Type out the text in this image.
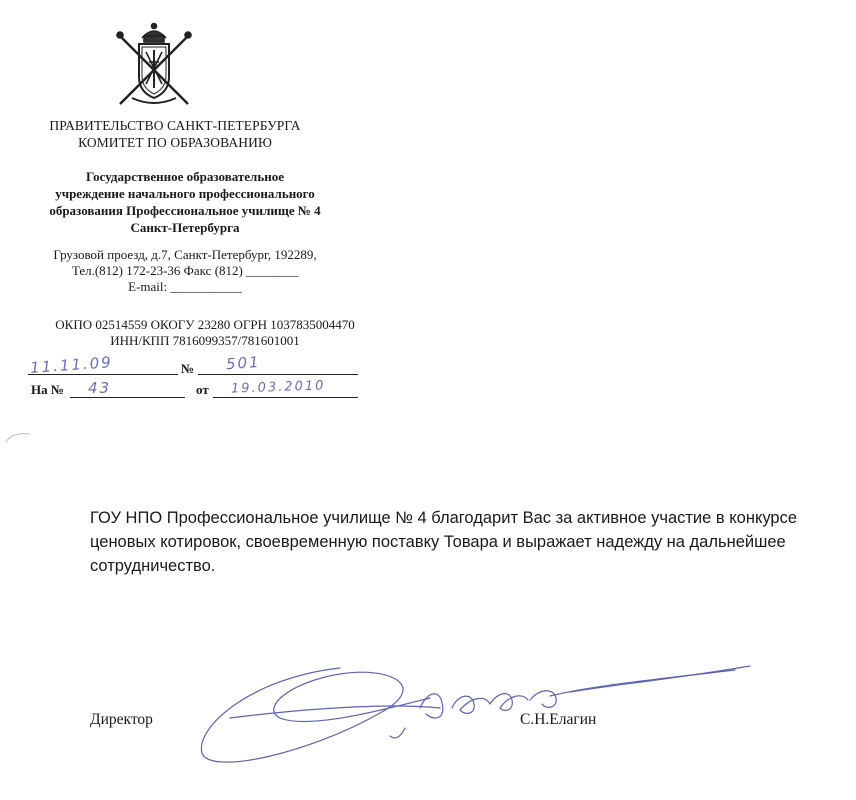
ПРАВИТЕЛЬСТВО САНКТ-ПЕТЕРБУРГА
КОМИТЕТ ПО ОБРАЗОВАНИЮ
Государственное образовательное
учреждение начального профессионального
образования Профессиональное училище № 4
Санкт-Петербурга
Грузовой проезд, д.7, Санкт-Петербург, 192289,
Тел.(812) 172-23-36 Факс (812) ________
E-mail: ___________
ОКПО 02514559 ОКОГУ 23280 ОГРН 1037835004470
ИНН/КПП 7816099357/781601001
11.11.09	№ 501
На № 43	от 19.03.2010
ГОУ НПО Профессиональное училище № 4 благодарит Вас за активное участие в конкурсе ценовых котировок, своевременную поставку Товара и выражает надежду на дальнейшее сотрудничество.
Директор	С.Н.Елагин
